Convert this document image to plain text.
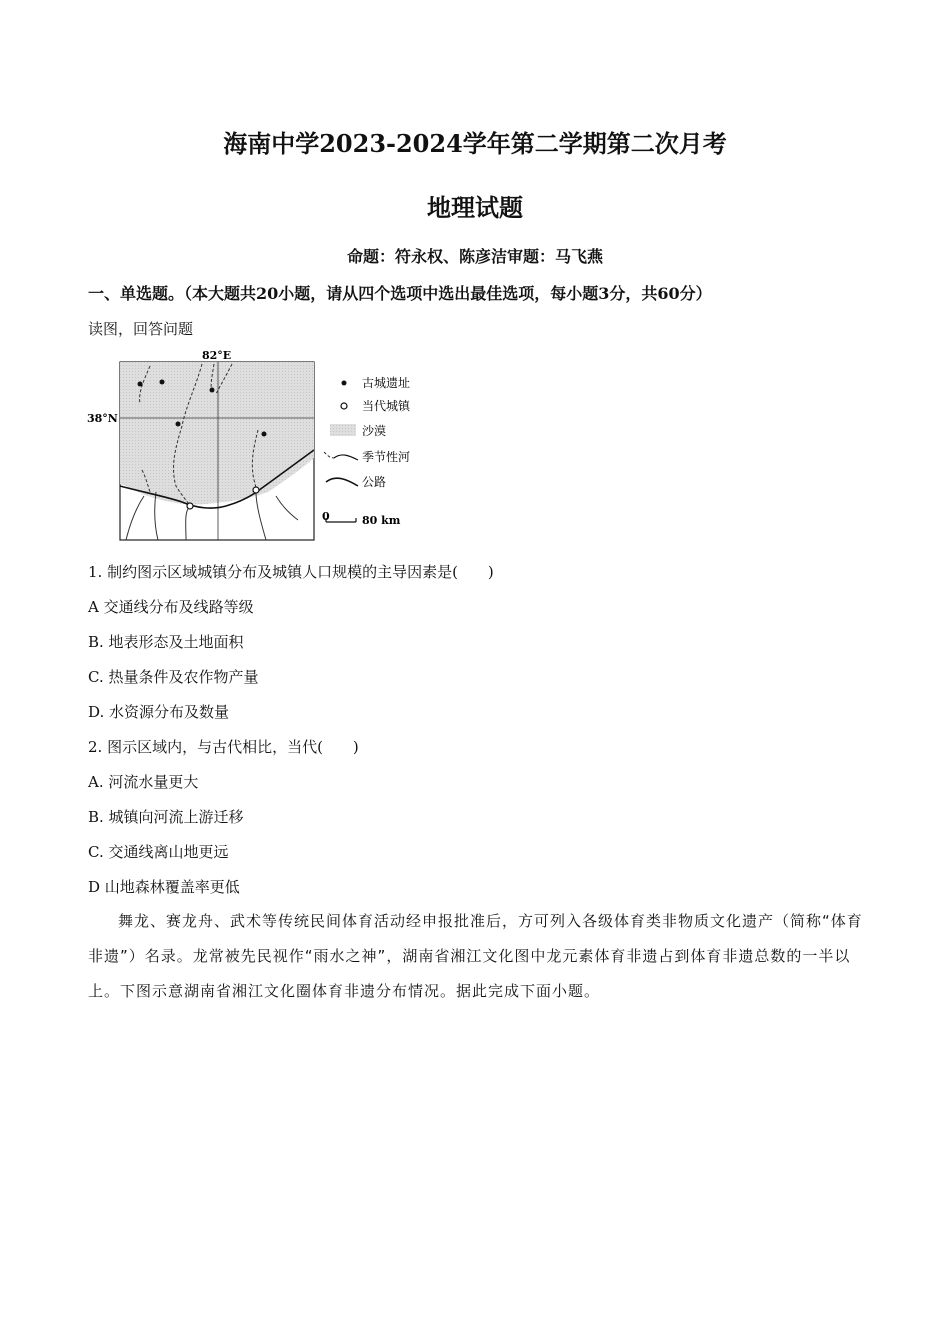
海南中学2023-2024学年第二学期第二次月考
地理试题
命题：符永权、陈彦洁审题：马飞燕
一、单选题。（本大题共20小题，请从四个选项中选出最佳选项，每小题3分，共60分）
读图，回答问题
82°E
38°N
古城遗址
当代城镇
沙漠
季节性河
公路
0	80 km
1. 制约图示区域城镇分布及城镇人口规模的主导因素是(　　)
A 交通线分布及线路等级
B. 地表形态及土地面积
C. 热量条件及农作物产量
D. 水资源分布及数量
2. 图示区域内，与古代相比，当代(　　)
A. 河流水量更大
B. 城镇向河流上游迁移
C. 交通线离山地更远
D 山地森林覆盖率更低
舞龙、赛龙舟、武术等传统民间体育活动经申报批准后，方可列入各级体育类非物质文化遗产（简称“体育非遗”）名录。龙常被先民视作“雨水之神”，湖南省湘江文化图中龙元素体育非遗占到体育非遗总数的一半以上。下图示意湖南省湘江文化圈体育非遗分布情况。据此完成下面小题。
